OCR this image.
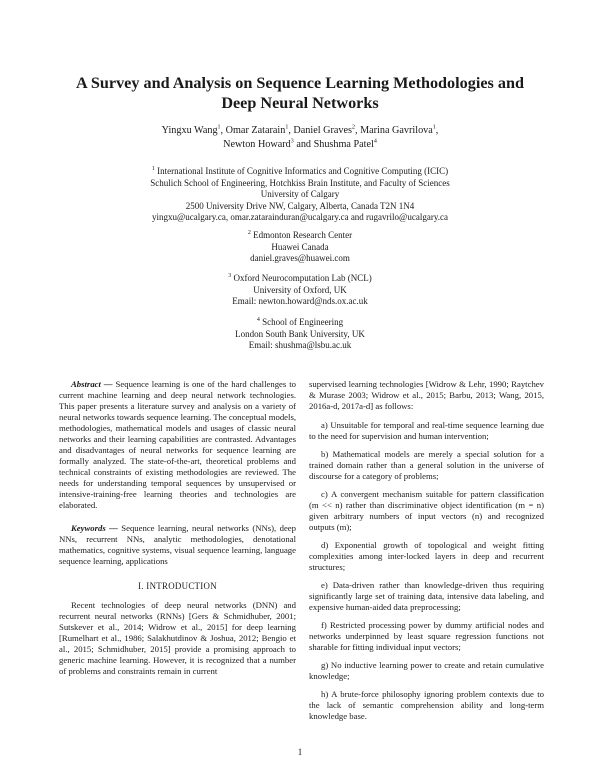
A Survey and Analysis on Sequence Learning Methodologies and Deep Neural Networks
Yingxu Wang$^1$, Omar Zatarain$^1$, Daniel Graves$^2$, Marina Gavrilova$^1$,
Newton Howard$^3$ and Shushma Patel$^4$
$^1$ International Institute of Cognitive Informatics and Cognitive Computing (ICIC)
Schulich School of Engineering, Hotchkiss Brain Institute, and Faculty of Sciences
University of Calgary
2500 University Drive NW, Calgary, Alberta, Canada T2N 1N4
yingxu@ucalgary.ca, omar.zatarainduran@ucalgary.ca and rugavrilo@ucalgary.ca
$^2$ Edmonton Research Center
Huawei Canada
daniel.graves@huawei.com
$^3$ Oxford Neurocomputation Lab (NCL)
University of Oxford, UK
Email: newton.howard@nds.ox.ac.uk
$^4$ School of Engineering
London South Bank University, UK
Email: shushma@lsbu.ac.uk

Abstract — Sequence learning is one of the hard challenges to current machine learning and deep neural network technologies. This paper presents a literature survey and analysis on a variety of neural networks towards sequence learning. The conceptual models, methodologies, mathematical models and usages of classic neural networks and their learning capabilities are contrasted. Advantages and disadvantages of neural networks for sequence learning are formally analyzed. The state-of-the-art, theoretical problems and technical constraints of existing methodologies are reviewed. The needs for understanding temporal sequences by unsupervised or intensive-training-free learning theories and technologies are elaborated.

Keywords — Sequence learning, neural networks (NNs), deep NNs, recurrent NNs, analytic methodologies, denotational mathematics, cognitive systems, visual sequence learning, language sequence learning, applications

I. INTRODUCTION

Recent technologies of deep neural networks (DNN) and recurrent neural networks (RNNs) [Gers & Schmidhuber, 2001; Sutskever et al., 2014; Widrow et al., 2015] for deep learning [Rumelhart et al., 1986; Salakhutdinov & Joshua, 2012; Bengio et al., 2015; Schmidhuber, 2015] provide a promising approach to generic machine learning. However, it is recognized that a number of problems and constraints remain in current

supervised learning technologies [Widrow & Lehr, 1990; Raytchev & Murase 2003; Widrow et al., 2015; Barbu, 2013; Wang, 2015, 2016a-d, 2017a-d] as follows:

a) Unsuitable for temporal and real-time sequence learning due to the need for supervision and human intervention;
b) Mathematical models are merely a special solution for a trained domain rather than a general solution in the universe of discourse for a category of problems;
c) A convergent mechanism suitable for pattern classification (m << n) rather than discriminative object identification (m = n) given arbitrary numbers of input vectors (n) and recognized outputs (m);
d) Exponential growth of topological and weight fitting complexities among inter-locked layers in deep and recurrent structures;
e) Data-driven rather than knowledge-driven thus requiring significantly large set of training data, intensive data labeling, and expensive human-aided data preprocessing;
f) Restricted processing power by dummy artificial nodes and networks underpinned by least square regression functions not sharable for fitting individual input vectors;
g) No inductive learning power to create and retain cumulative knowledge;
h) A brute-force philosophy ignoring problem contexts due to the lack of semantic comprehension ability and long-term knowledge base.
1
